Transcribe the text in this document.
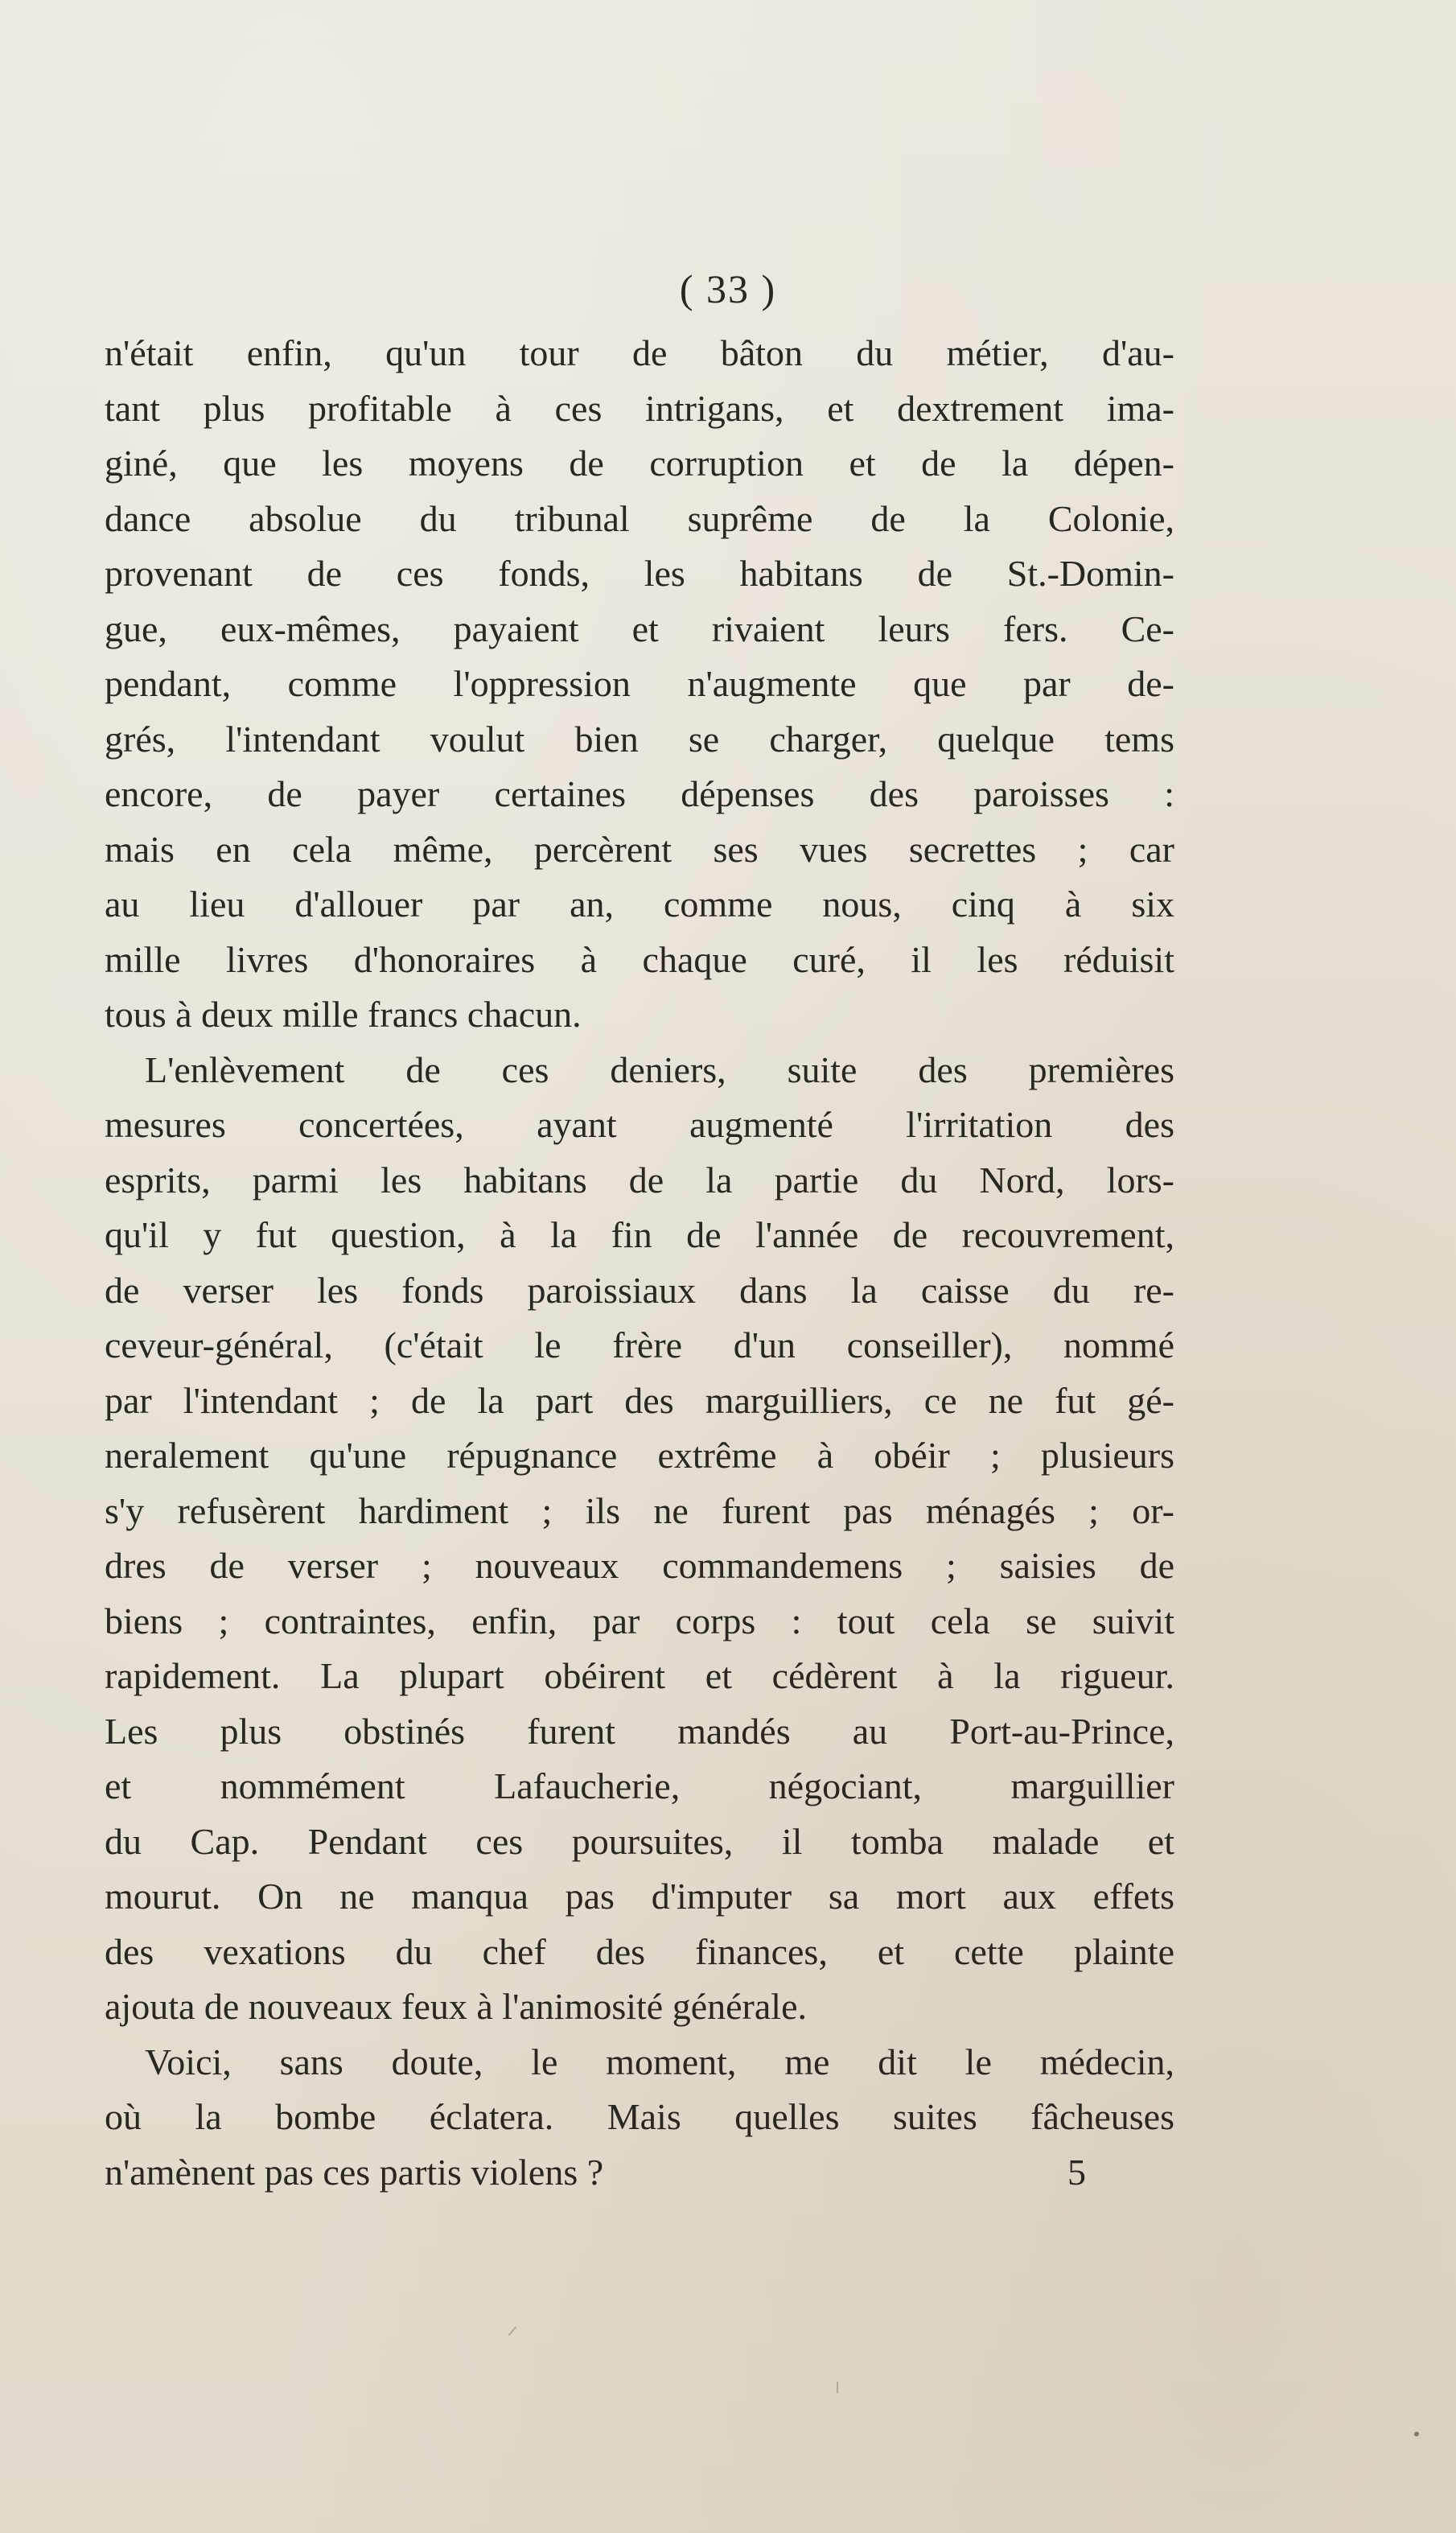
( 33 )
n'était enfin, qu'un tour de bâton du métier, d'au-
tant plus profitable à ces intrigans, et dextrement ima-
giné, que les moyens de corruption et de la dépen-
dance absolue du tribunal suprême de la Colonie,
provenant de ces fonds, les habitans de St.-Domin-
gue, eux-mêmes, payaient et rivaient leurs fers. Ce-
pendant, comme l'oppression n'augmente que par de-
grés, l'intendant voulut bien se charger, quelque tems
encore, de payer certaines dépenses des paroisses :
mais en cela même, percèrent ses vues secrettes ; car
au lieu d'allouer par an, comme nous, cinq à six
mille livres d'honoraires à chaque curé, il les réduisit
tous à deux mille francs chacun.
L'enlèvement de ces deniers, suite des premières
mesures concertées, ayant augmenté l'irritation des
esprits, parmi les habitans de la partie du Nord, lors-
qu'il y fut question, à la fin de l'année de recouvrement,
de verser les fonds paroissiaux dans la caisse du re-
ceveur-général, (c'était le frère d'un conseiller), nommé
par l'intendant ; de la part des marguilliers, ce ne fut gé-
neralement qu'une répugnance extrême à obéir ; plusieurs
s'y refusèrent hardiment ; ils ne furent pas ménagés ; or-
dres de verser ; nouveaux commandemens ; saisies de
biens ; contraintes, enfin, par corps : tout cela se suivit
rapidement. La plupart obéirent et cédèrent à la rigueur.
Les plus obstinés furent mandés au Port-au-Prince,
et nommément Lafaucherie, négociant, marguillier
du Cap. Pendant ces poursuites, il tomba malade et
mourut. On ne manqua pas d'imputer sa mort aux effets
des vexations du chef des finances, et cette plainte
ajouta de nouveaux feux à l'animosité générale.
Voici, sans doute, le moment, me dit le médecin,
où la bombe éclatera. Mais quelles suites fâcheuses
n'amènent pas ces partis violens ?	5
